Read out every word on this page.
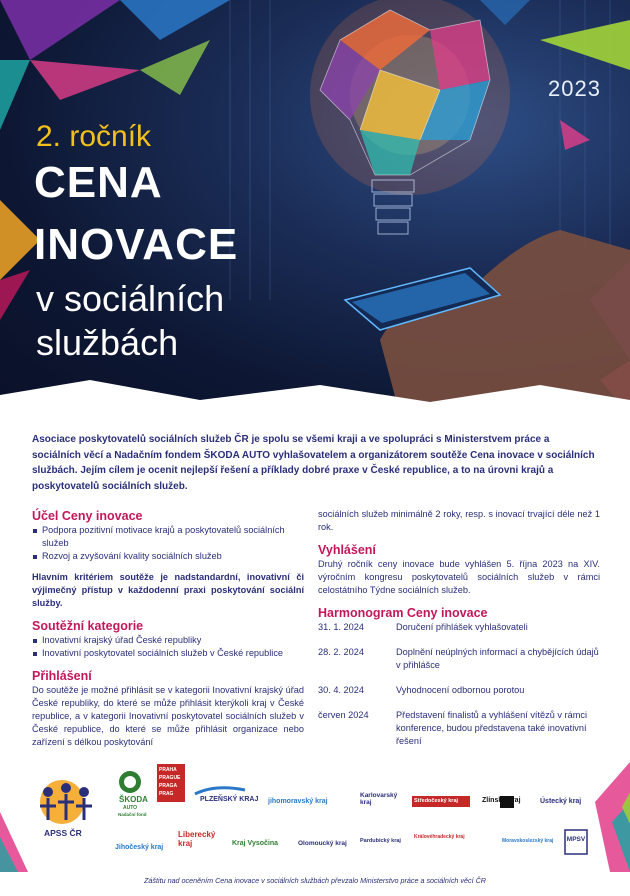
2023
2. ročník
CENA
INOVACE
v sociálních
službách
Asociace poskytovatelů sociálních služeb ČR je spolu se všemi kraji a ve spolupráci s Ministerstvem práce a sociálních věcí a Nadačním fondem ŠKODA AUTO vyhlašovatelem a organizátorem soutěže Cena inovace v sociálních službách. Jejím cílem je ocenit nejlepší řešení a příklady dobré praxe v České republice, a to na úrovni krajů a poskytovatelů sociálních služeb.
Účel Ceny inovace
Podpora pozitivní motivace krajů a poskytovatelů sociálních služeb
Rozvoj a zvyšování kvality sociálních služeb

Hlavním kritériem soutěže je nadstandardní, inovativní či výjimečný přístup v každodenní praxi poskytování sociální služby.

Soutěžní kategorie
Inovativní krajský úřad České republiky
Inovativní poskytovatel sociálních služeb v České republice
Přihlášení

Do soutěže je možné přihlásit se v kategorii Inovativní krajský úřad České republiky, do které se může přihlásit kterýkoli kraj v České republice, a v kategorii Inovativní poskytovatel sociálních služeb v České republice, do které se může přihlásit organizace nebo zařízení s délkou poskytování

sociálních služeb minimálně 2 roky, resp. s inovací trvající déle než 1 rok.

Vyhlášení

Druhý ročník ceny inovace bude vyhlášen 5. října 2023 na XIV. výročním kongresu poskytovatelů sociálních služeb v rámci celostátního Týdne sociálních služeb.

Harmonogram Ceny inovace
31. 1. 2024	Doručení přihlášek vyhlašovateli
28. 2. 2024	Doplnění neúplných informací a chybějících údajů v přihlášce
30. 4. 2024	Vyhodnocení odbornou porotou
červen 2024	Představení finalistů a vyhlášení vítězů v rámci konference, budou představena také inovativní řešení
APSS ČR
ŠKODA
AUTO
Nadační fond
PRAHA PRAGUE PRAGA PRAG
PLZEŇSKÝ KRAJ jihomoravský kraj
Karlovarský kraj	Středočeský kraj	Zlínský kraj	Ústecký kraj
Jihočeský kraj
Liberecký kraj	Kraj Vysočina	Olomoucký kraj Pardubický kraj
Královéhradecký kraj
Moravskoslezský kraj	MPSV
Záštitu nad oceněním Cena inovace v sociálních službách převzalo Ministerstvo práce a sociálních věcí ČR
